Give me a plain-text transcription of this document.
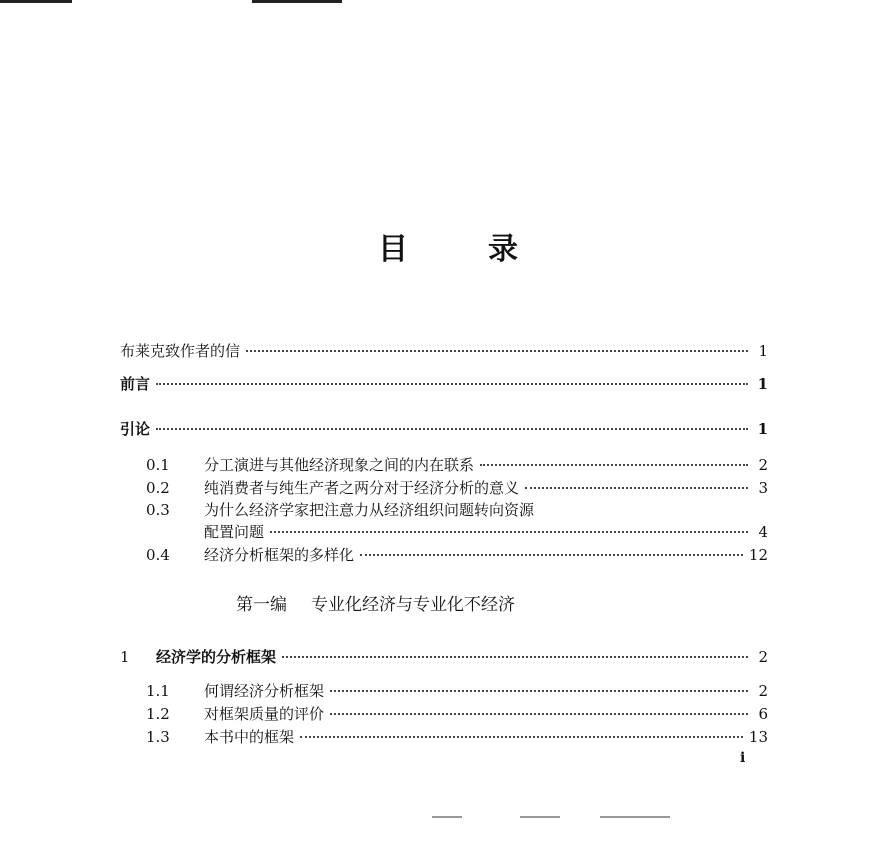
目	录
布莱克致作者的信	1
前言	1
引论	1
0.1	分工演进与其他经济现象之间的内在联系	2
0.2	纯消费者与纯生产者之两分对于经济分析的意义	3
0.3	为什么经济学家把注意力从经济组织问题转向资源
配置问题	4
0.4	经济分析框架的多样化	12
第一编 专业化经济与专业化不经济
1	经济学的分析框架	2
1.1	何谓经济分析框架	2
1.2	对框架质量的评价	6
1.3	本书中的框架	13
i
